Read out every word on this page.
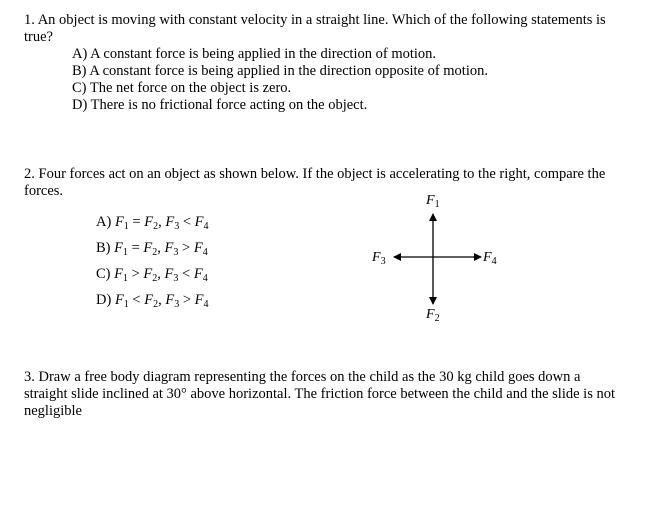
1. An object is moving with constant velocity in a straight line. Which of the following statements is true?
A) A constant force is being applied in the direction of motion.
B) A constant force is being applied in the direction opposite of motion.
C) The net force on the object is zero.
D) There is no frictional force acting on the object.
2. Four forces act on an object as shown below. If the object is accelerating to the right, compare the forces.
A) $F_1 = F_2$, $F_3 < F_4$
B) $F_1 = F_2$, $F_3 > F_4$
C) $F_1 > F_2$, $F_3 < F_4$
D) $F_1 < F_2$, $F_3 > F_4$
$F_1$
$F_2$
$F_3$	$F_4$
3. Draw a free body diagram representing the forces on the child as the 30 kg child goes down a straight slide inclined at 30° above horizontal. The friction force between the child and the slide is not negligible
